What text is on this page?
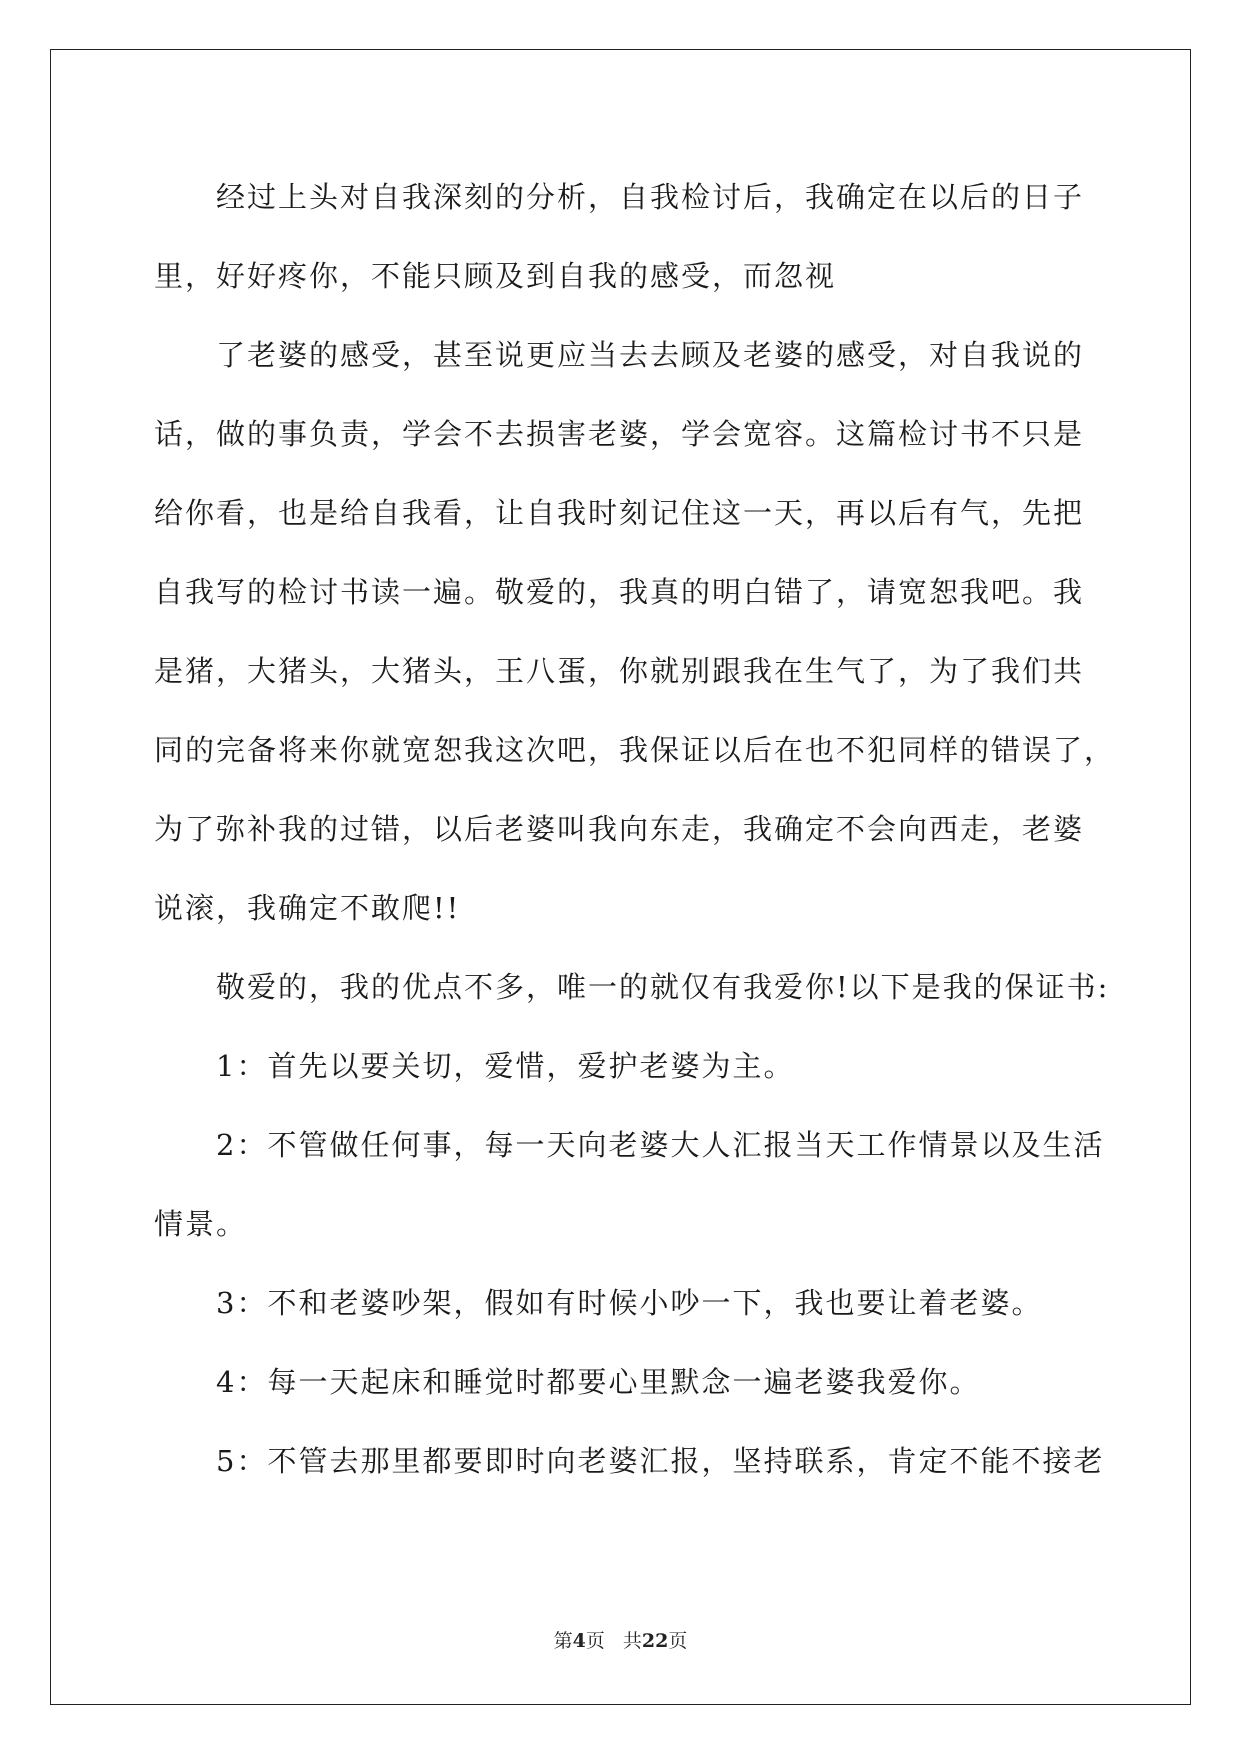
经过上头对自我深刻的分析，自我检讨后，我确定在以后的日子
里，好好疼你，不能只顾及到自我的感受，而忽视
了老婆的感受，甚至说更应当去去顾及老婆的感受，对自我说的
话，做的事负责，学会不去损害老婆，学会宽容。这篇检讨书不只是
给你看，也是给自我看，让自我时刻记住这一天，再以后有气，先把
自我写的检讨书读一遍。敬爱的，我真的明白错了，请宽恕我吧。我
是猪，大猪头，大猪头，王八蛋，你就别跟我在生气了，为了我们共
同的完备将来你就宽恕我这次吧，我保证以后在也不犯同样的错误了，
为了弥补我的过错，以后老婆叫我向东走，我确定不会向西走，老婆
说滚，我确定不敢爬!!
敬爱的，我的优点不多，唯一的就仅有我爱你!以下是我的保证书:
1：首先以要关切，爱惜，爱护老婆为主。
2：不管做任何事，每一天向老婆大人汇报当天工作情景以及生活
情景。
3：不和老婆吵架，假如有时候小吵一下，我也要让着老婆。
4：每一天起床和睡觉时都要心里默念一遍老婆我爱你。
5：不管去那里都要即时向老婆汇报，坚持联系，肯定不能不接老
第4页 共22页
